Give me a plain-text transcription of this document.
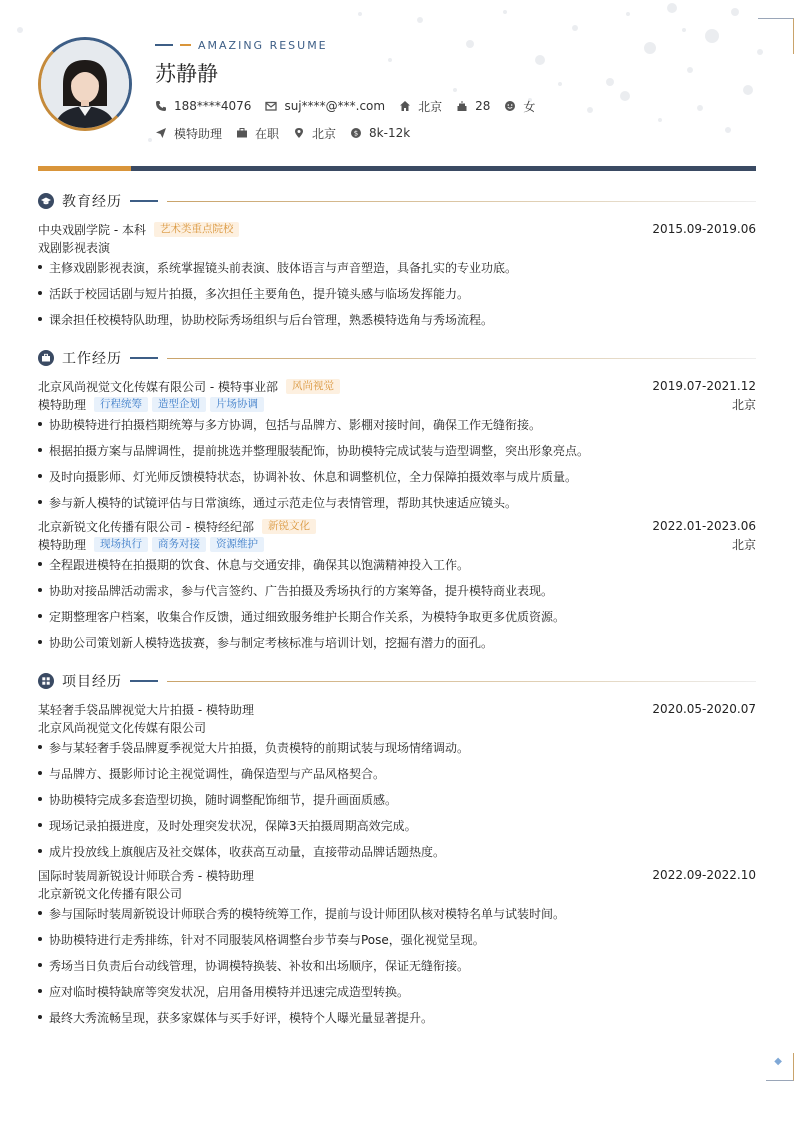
◆
AMAZING RESUME
苏静静
188****4076	suj****@***.com	北京	28	女
模特助理	在职	北京	$ 8k-12k
教育经历
中央戏剧学院 - 本科	艺术类重点院校	2015.09-2019.06
戏剧影视表演
主修戏剧影视表演，系统掌握镜头前表演、肢体语言与声音塑造，具备扎实的专业功底。
活跃于校园话剧与短片拍摄，多次担任主要角色，提升镜头感与临场发挥能力。
课余担任校模特队助理，协助校际秀场组织与后台管理，熟悉模特选角与秀场流程。
工作经历
北京风尚视觉文化传媒有限公司 - 模特事业部	风尚视觉	2019.07-2021.12
模特助理	行程统筹	造型企划	片场协调	北京
协助模特进行拍摄档期统筹与多方协调，包括与品牌方、影棚对接时间，确保工作无缝衔接。
根据拍摄方案与品牌调性，提前挑选并整理服装配饰，协助模特完成试装与造型调整，突出形象亮点。
及时向摄影师、灯光师反馈模特状态，协调补妆、休息和调整机位，全力保障拍摄效率与成片质量。
参与新人模特的试镜评估与日常演练，通过示范走位与表情管理，帮助其快速适应镜头。
北京新锐文化传播有限公司 - 模特经纪部	新锐文化	2022.01-2023.06
模特助理	现场执行	商务对接	资源维护	北京
全程跟进模特在拍摄期的饮食、休息与交通安排，确保其以饱满精神投入工作。
协助对接品牌活动需求，参与代言签约、广告拍摄及秀场执行的方案筹备，提升模特商业表现。
定期整理客户档案，收集合作反馈，通过细致服务维护长期合作关系，为模特争取更多优质资源。
协助公司策划新人模特选拔赛，参与制定考核标准与培训计划，挖掘有潜力的面孔。
项目经历
某轻奢手袋品牌视觉大片拍摄 - 模特助理	2020.05-2020.07
北京风尚视觉文化传媒有限公司
参与某轻奢手袋品牌夏季视觉大片拍摄，负责模特的前期试装与现场情绪调动。
与品牌方、摄影师讨论主视觉调性，确保造型与产品风格契合。
协助模特完成多套造型切换，随时调整配饰细节，提升画面质感。
现场记录拍摄进度，及时处理突发状况，保障3天拍摄周期高效完成。
成片投放线上旗舰店及社交媒体，收获高互动量，直接带动品牌话题热度。
国际时装周新锐设计师联合秀 - 模特助理	2022.09-2022.10
北京新锐文化传播有限公司
参与国际时装周新锐设计师联合秀的模特统筹工作，提前与设计师团队核对模特名单与试装时间。
协助模特进行走秀排练，针对不同服装风格调整台步节奏与Pose，强化视觉呈现。
秀场当日负责后台动线管理，协调模特换装、补妆和出场顺序，保证无缝衔接。
应对临时模特缺席等突发状况，启用备用模特并迅速完成造型转换。
最终大秀流畅呈现，获多家媒体与买手好评，模特个人曝光量显著提升。
